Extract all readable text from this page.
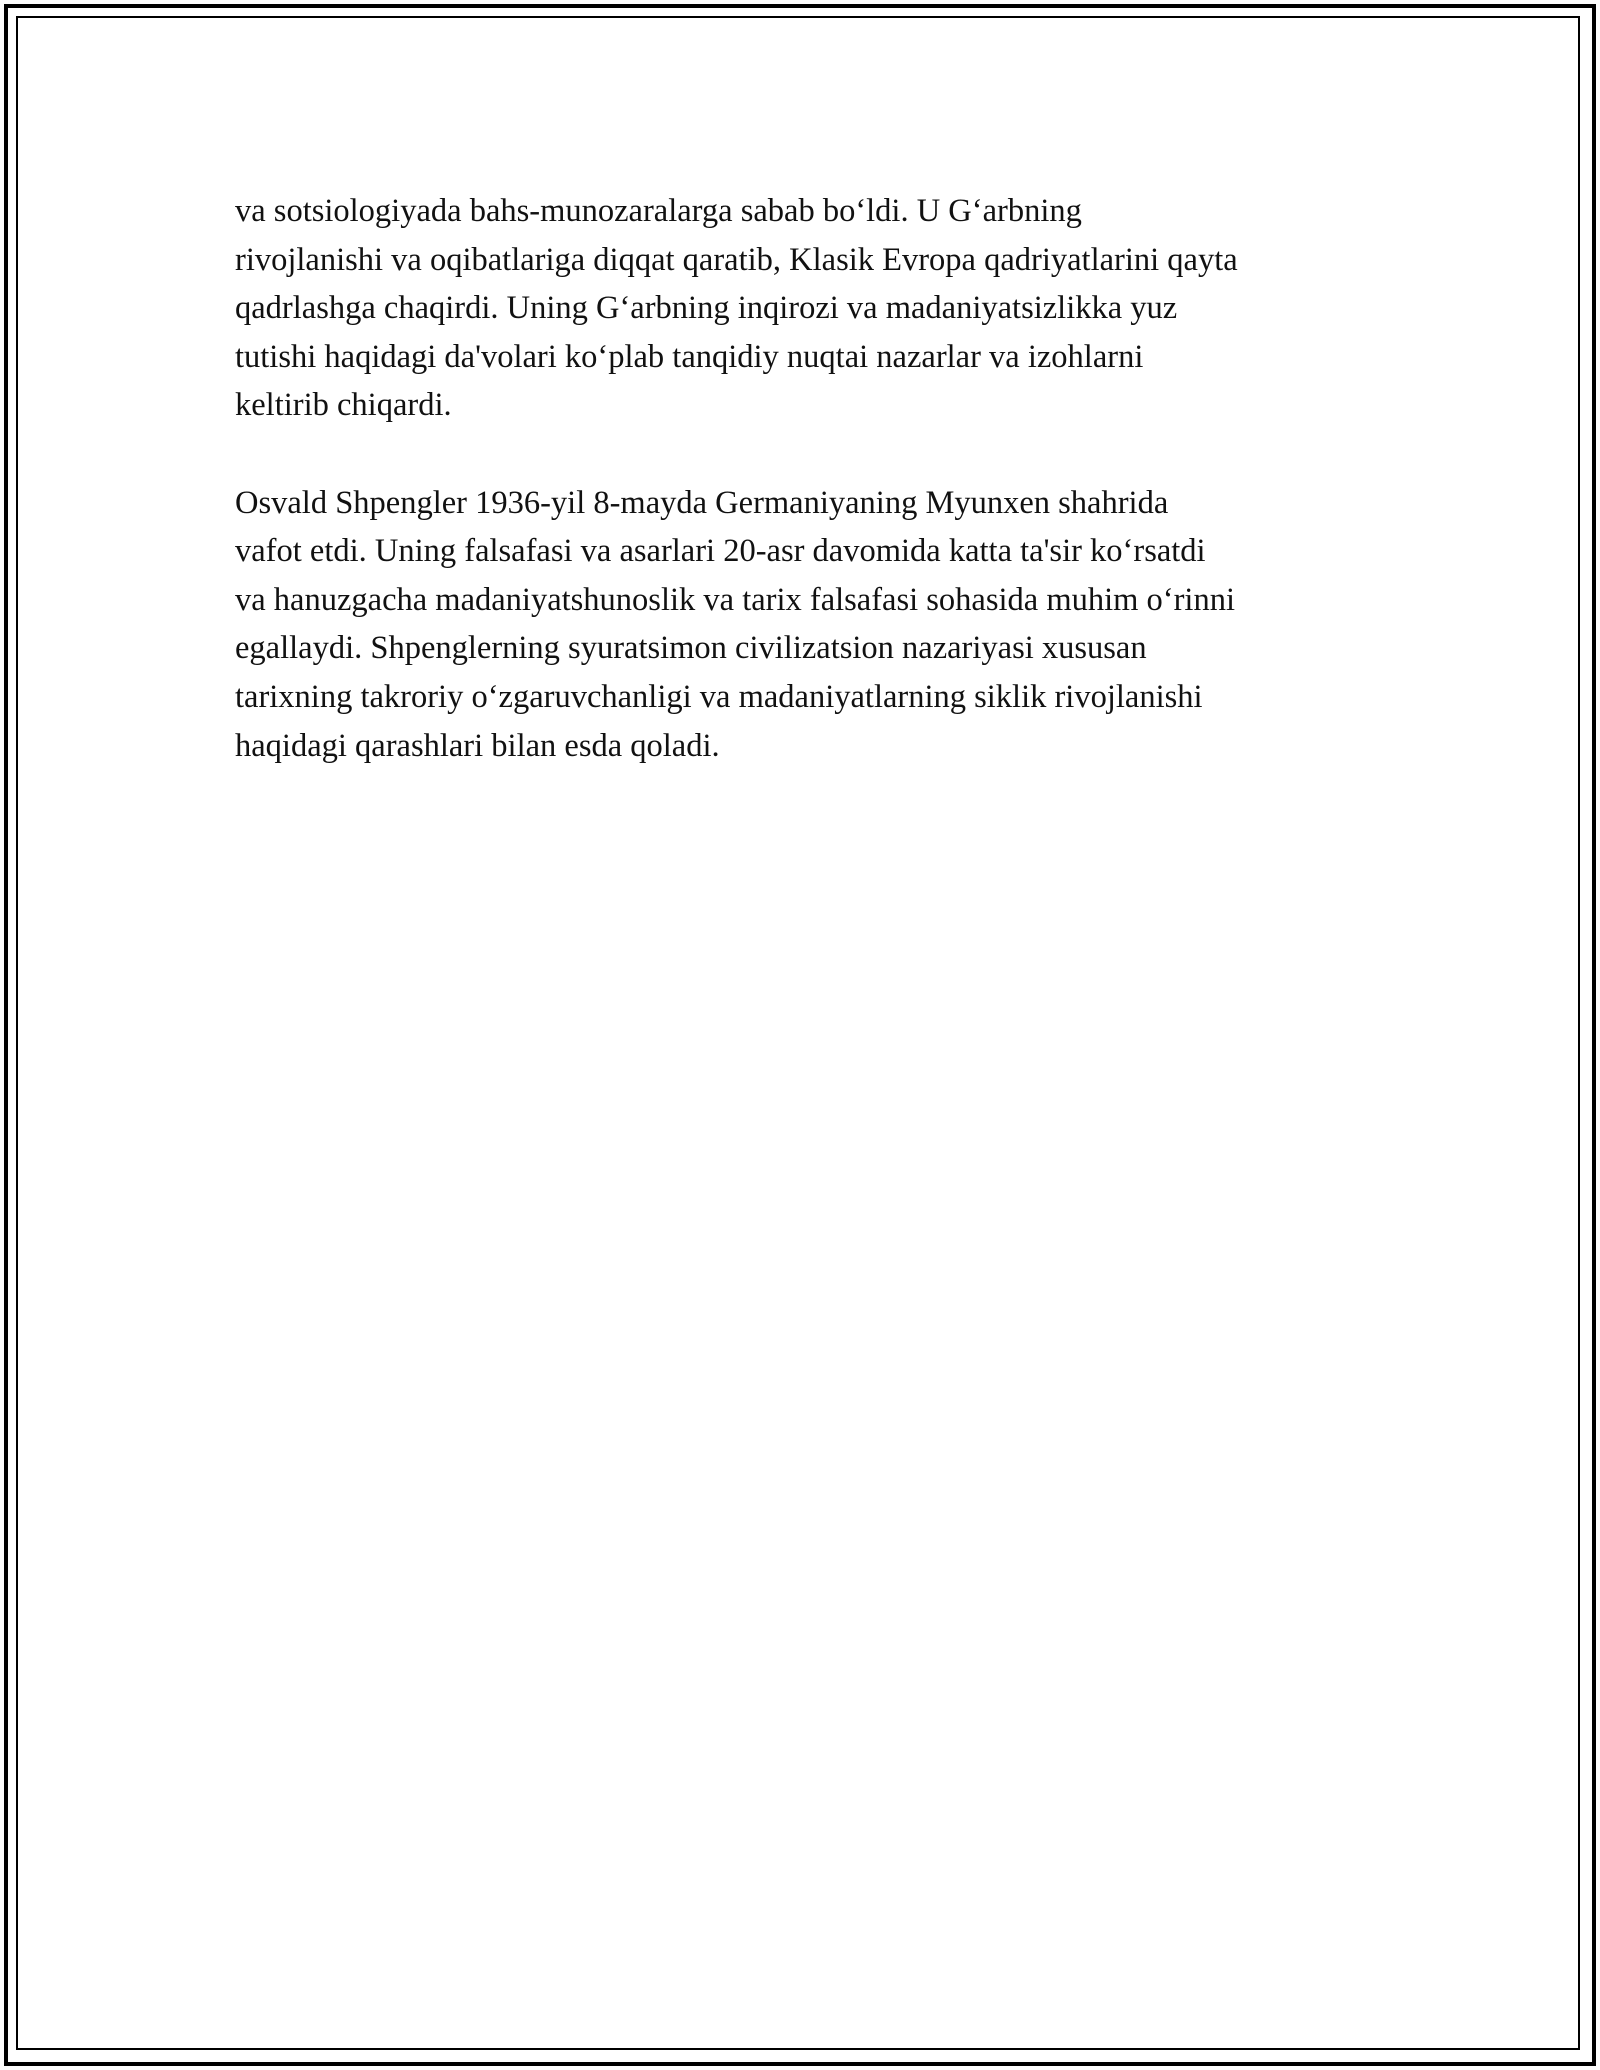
va sotsiologiyada bahs-munozaralarga sabab bo‘ldi. U G‘arbning
rivojlanishi va oqibatlariga diqqat qaratib, Klasik Evropa qadriyatlarini qayta
qadrlashga chaqirdi. Uning G‘arbning inqirozi va madaniyatsizlikka yuz
tutishi haqidagi da'volari ko‘plab tanqidiy nuqtai nazarlar va izohlarni
keltirib chiqardi.

Osvald Shpengler 1936-yil 8-mayda Germaniyaning Myunxen shahrida
vafot etdi. Uning falsafasi va asarlari 20-asr davomida katta ta'sir ko‘rsatdi
va hanuzgacha madaniyatshunoslik va tarix falsafasi sohasida muhim o‘rinni
egallaydi. Shpenglerning syuratsimon civilizatsion nazariyasi xususan
tarixning takroriy o‘zgaruvchanligi va madaniyatlarning siklik rivojlanishi
haqidagi qarashlari bilan esda qoladi.
